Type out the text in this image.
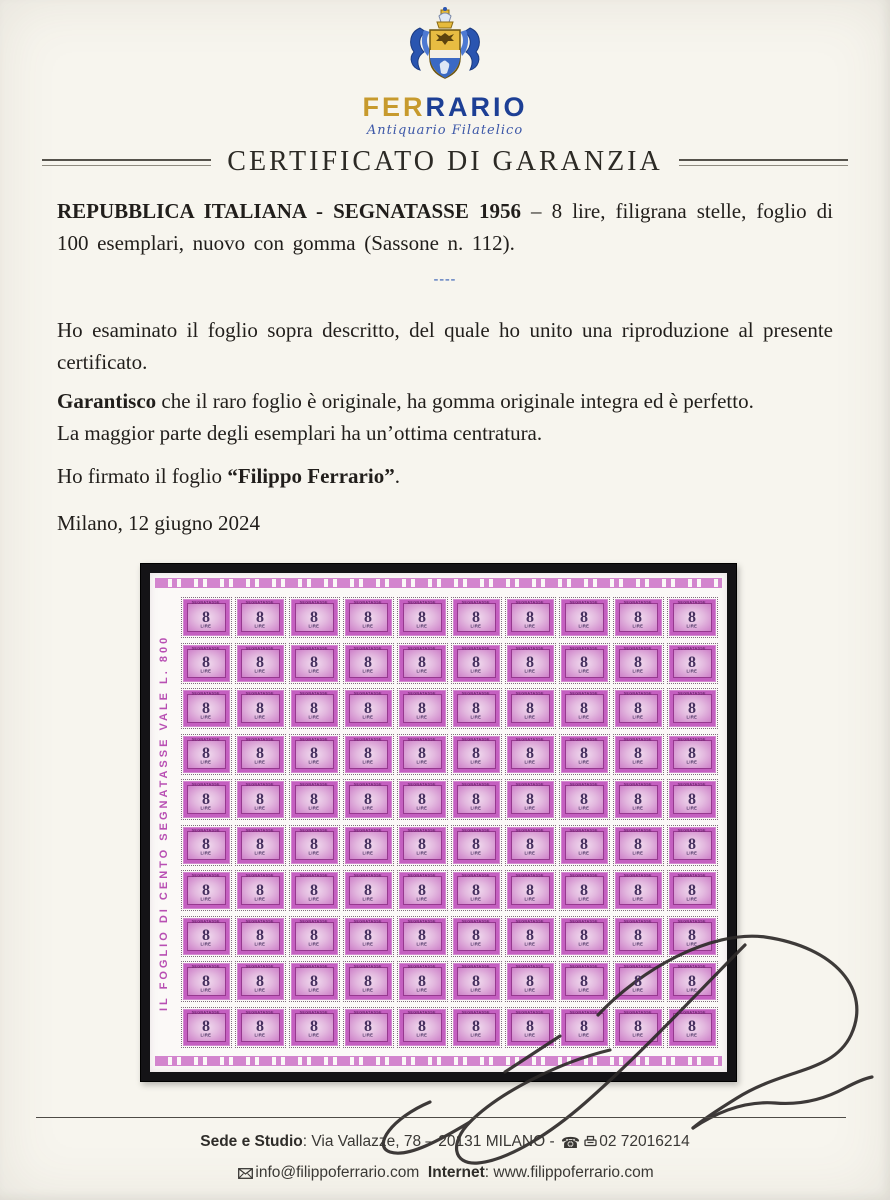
FERRARIO
Antiquario Filatelico
CERTIFICATO DI GARANZIA
REPUBBLICA ITALIANA - SEGNATASSE 1956 – 8 lire, filigrana stelle, foglio di 100 esemplari, nuovo con gomma (Sassone n. 112).
----
Ho esaminato il foglio sopra descritto, del quale ho unito una riproduzione al presente certificato.
Garantisco che il raro foglio è originale, ha gomma originale integra ed è perfetto.
La maggior parte degli esemplari ha un’ottima centratura.
Ho firmato il foglio “Filippo Ferrario”.
Milano, 12 giugno 2024
IL FOGLIO DI CENTO SEGNATASSE VALE L. 800
SEGNATASSE
8
LIRE
SEGNATASSE
8
LIRE
SEGNATASSE
8
LIRE
SEGNATASSE
8
LIRE
SEGNATASSE
8
LIRE
SEGNATASSE
8
LIRE
SEGNATASSE
8
LIRE
SEGNATASSE
8
LIRE
SEGNATASSE
8
LIRE
SEGNATASSE
8
LIRE
SEGNATASSE
8
LIRE
SEGNATASSE
8
LIRE
SEGNATASSE
8
LIRE
SEGNATASSE
8
LIRE
SEGNATASSE
8
LIRE
SEGNATASSE
8
LIRE
SEGNATASSE
8
LIRE
SEGNATASSE
8
LIRE
SEGNATASSE
8
LIRE
SEGNATASSE
8
LIRE
SEGNATASSE
8
LIRE
SEGNATASSE
8
LIRE
SEGNATASSE
8
LIRE
SEGNATASSE
8
LIRE
SEGNATASSE
8
LIRE
SEGNATASSE
8
LIRE
SEGNATASSE
8
LIRE
SEGNATASSE
8
LIRE
SEGNATASSE
8
LIRE
SEGNATASSE
8
LIRE
SEGNATASSE
8
LIRE
SEGNATASSE
8
LIRE
SEGNATASSE
8
LIRE
SEGNATASSE
8
LIRE
SEGNATASSE
8
LIRE
SEGNATASSE
8
LIRE
SEGNATASSE
8
LIRE
SEGNATASSE
8
LIRE
SEGNATASSE
8
LIRE
SEGNATASSE
8
LIRE
SEGNATASSE
8
LIRE
SEGNATASSE
8
LIRE
SEGNATASSE
8
LIRE
SEGNATASSE
8
LIRE
SEGNATASSE
8
LIRE
SEGNATASSE
8
LIRE
SEGNATASSE
8
LIRE
SEGNATASSE
8
LIRE
SEGNATASSE
8
LIRE
SEGNATASSE
8
LIRE
SEGNATASSE
8
LIRE
SEGNATASSE
8
LIRE
SEGNATASSE
8
LIRE
SEGNATASSE
8
LIRE
SEGNATASSE
8
LIRE
SEGNATASSE
8
LIRE
SEGNATASSE
8
LIRE
SEGNATASSE
8
LIRE
SEGNATASSE
8
LIRE
SEGNATASSE
8
LIRE
SEGNATASSE
8
LIRE
SEGNATASSE
8
LIRE
SEGNATASSE
8
LIRE
SEGNATASSE
8
LIRE
SEGNATASSE
8
LIRE
SEGNATASSE
8
LIRE
SEGNATASSE
8
LIRE
SEGNATASSE
8
LIRE
SEGNATASSE
8
LIRE
SEGNATASSE
8
LIRE
SEGNATASSE
8
LIRE
SEGNATASSE
8
LIRE
SEGNATASSE
8
LIRE
SEGNATASSE
8
LIRE
SEGNATASSE
8
LIRE
SEGNATASSE
8
LIRE
SEGNATASSE
8
LIRE
SEGNATASSE
8
LIRE
SEGNATASSE
8
LIRE
SEGNATASSE
8
LIRE
SEGNATASSE
8
LIRE
SEGNATASSE
8
LIRE
SEGNATASSE
8
LIRE
SEGNATASSE
8
LIRE
SEGNATASSE
8
LIRE
SEGNATASSE
8
LIRE
SEGNATASSE
8
LIRE
SEGNATASSE
8
LIRE
SEGNATASSE
8
LIRE
SEGNATASSE
8
LIRE
SEGNATASSE
8
LIRE
SEGNATASSE
8
LIRE
SEGNATASSE
8
LIRE
SEGNATASSE
8
LIRE
SEGNATASSE
8
LIRE
SEGNATASSE
8
LIRE
SEGNATASSE
8
LIRE
SEGNATASSE
8
LIRE
SEGNATASSE
8
LIRE
SEGNATASSE
8
LIRE
Sede e Studio: Via Vallazze, 78 – 20131 MILANO - ☎ 02 72016214
info@filippoferrario.com Internet: www.filippoferrario.com
